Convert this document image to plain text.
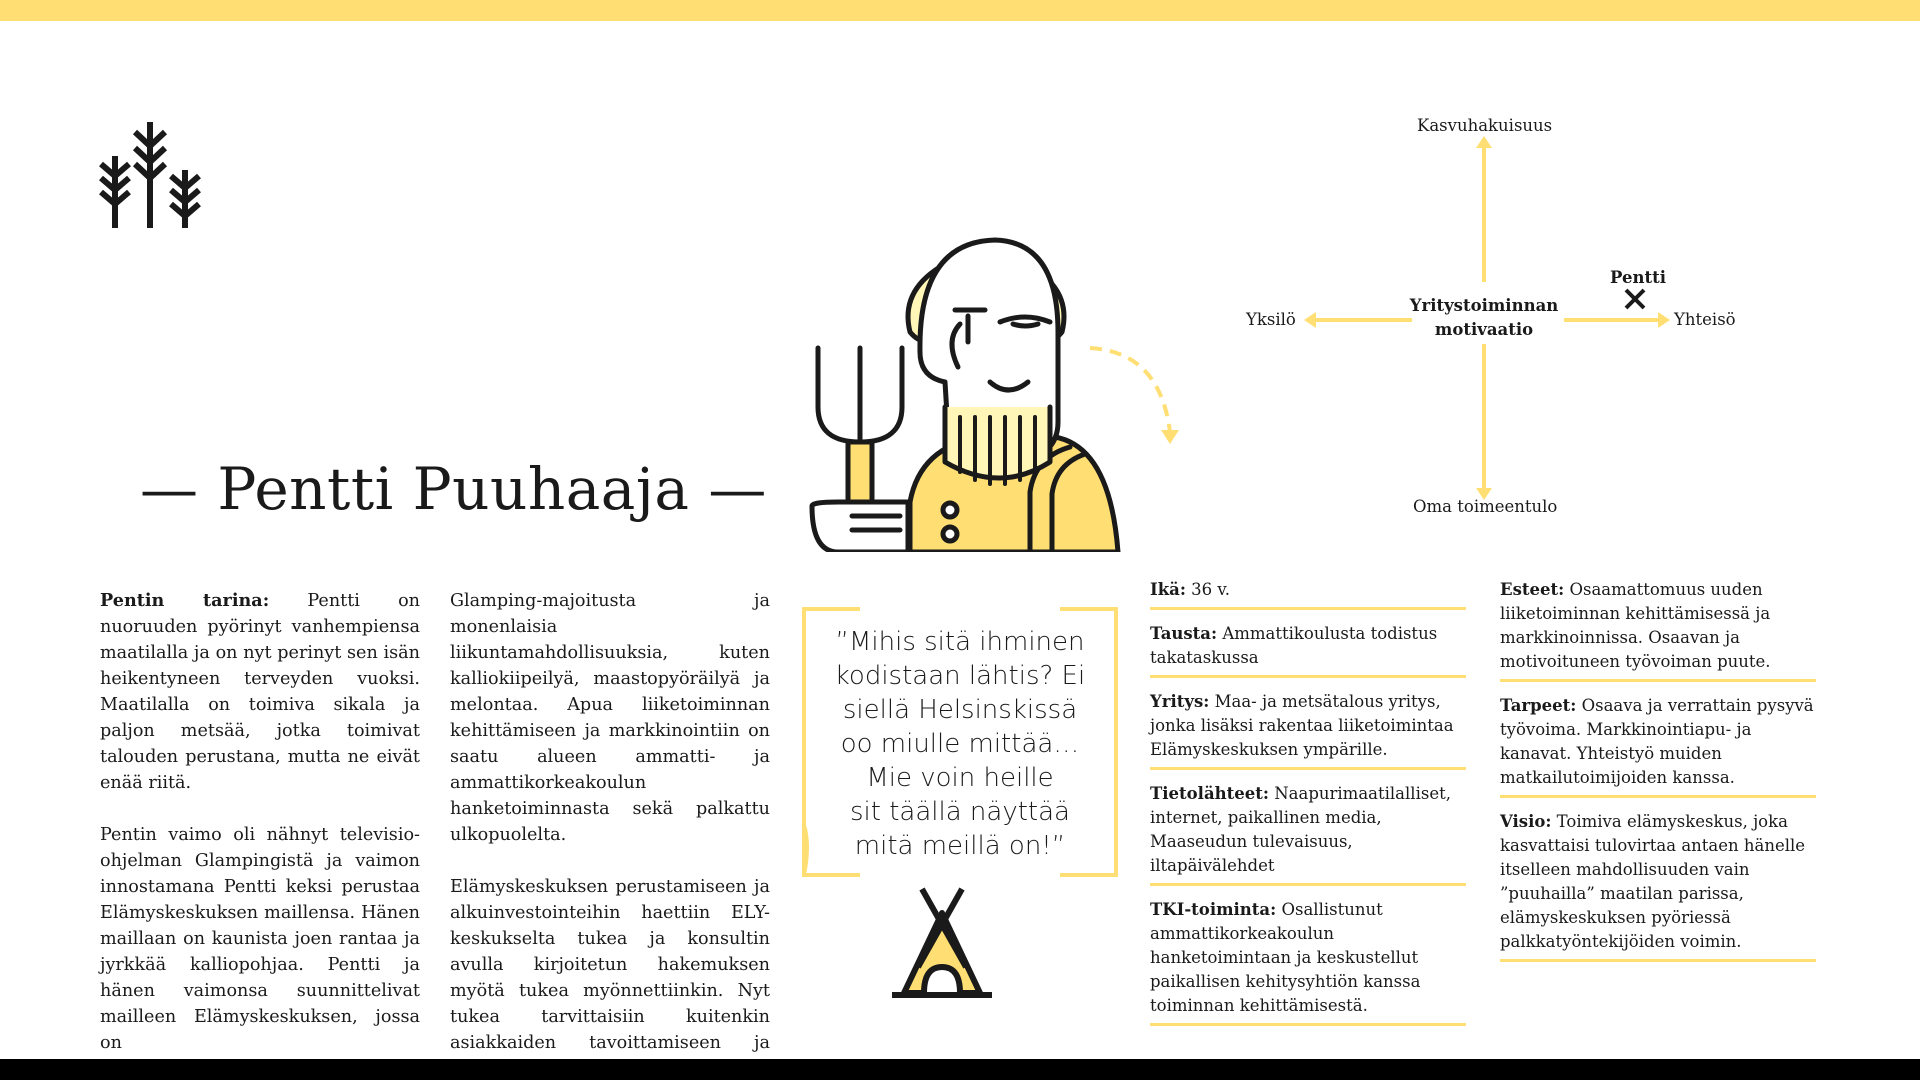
— Pentti Puuhaaja —

Pentin tarina: Pentti on nuoruuden pyörinyt vanhempiensa maatilalla ja on nyt perinyt sen isän heikentyneen terveyden vuoksi. Maatilalla on toimiva sikala ja paljon metsää, jotka toimivat talouden perustana, mutta ne eivät enää riitä.

Pentin vaimo oli nähnyt televisio-ohjelman Glampingistä ja vaimon innostamana Pentti keksi perustaa Elämyskeskuksen maillensa. Hänen maillaan on kaunista joen rantaa ja jyrkkää kalliopohjaa. Pentti ja hänen vaimonsa suunnittelivat mailleen Elämyskeskuksen, jossa on

Glamping-majoitusta ja monenlaisia liikuntamahdollisuuksia, kuten kalliokiipeilyä, maastopyöräilyä ja melontaa. Apua liiketoiminnan kehittämiseen ja markkinointiin on saatu alueen ammatti- ja ammattikorkeakoulun hanketoiminnasta sekä palkattu ulkopuolelta.

Elämyskeskuksen perustamiseen ja alkuinvestointeihin haettiin ELY-keskukselta tukea ja konsultin avulla kirjoitetun hakemuksen myötä tukea myönnettiinkin. Nyt tukea tarvittaisiin kuitenkin asiakkaiden tavoittamiseen ja

”Mihis sitä ihminen
kodistaan lähtis? Ei
siellä Helsinskissä
oo miulle mittää…
Mie voin heille
sit täällä näyttää
mitä meillä on!”
Kasvuhakuisuus
Oma toimeentulo
Yksilö	Yhteisö
Pentti
Yritystoiminnan
motivaatio
Ikä: 36 v.
Tausta: Ammattikoulusta todistus takataskussa
Yritys: Maa- ja metsätalous yritys, jonka lisäksi rakentaa liiketoimintaa Elämyskeskuksen ympärille.
Tietolähteet: Naapurimaatilalliset, internet, paikallinen media, Maaseudun tulevaisuus, iltapäivälehdet
TKI-toiminta: Osallistunut ammattikorkeakoulun hanketoimintaan ja keskustellut paikallisen kehitysyhtiön kanssa toiminnan kehittämisestä.
Esteet: Osaamattomuus uuden liiketoiminnan kehittämisessä ja markkinoinnissa. Osaavan ja motivoituneen työvoiman puute.
Tarpeet: Osaava ja verrattain pysyvä työvoima. Markkinointiapu- ja kanavat. Yhteistyö muiden matkailutoimijoiden kanssa.
Visio: Toimiva elämyskeskus, joka kasvattaisi tulovirtaa antaen hänelle itselleen mahdollisuuden vain ”puuhailla” maatilan parissa, elämyskeskuksen pyöriessä palkkatyöntekijöiden voimin.
